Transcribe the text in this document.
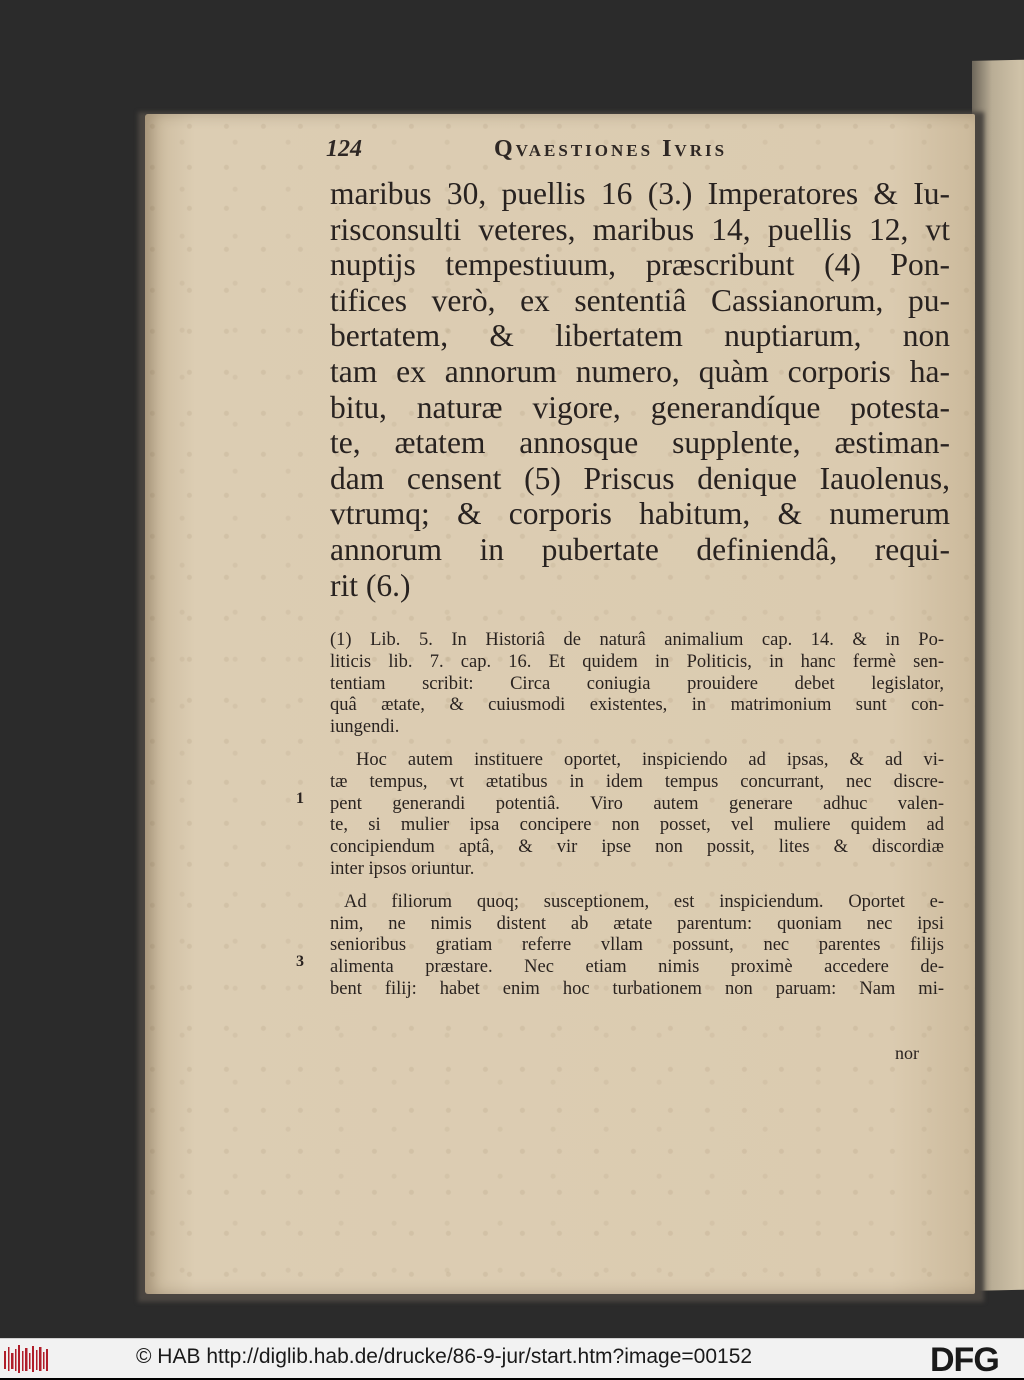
124	Qvaestiones Ivris
maribus 30, puellis 16 (3.) Imperatores & Iu-
risconsulti veteres, maribus 14, puellis 12, vt
nuptijs tempestiuum, præscribunt (4) Pon-
tifices verò, ex sententiâ Cassianorum, pu-
bertatem, & libertatem nuptiarum, non
tam ex annorum numero, quàm corporis ha-
bitu, naturæ vigore, generandíque potesta-
te, ætatem annosque supplente, æstiman-
dam censent (5) Priscus denique Iauolenus,
vtrumq; & corporis habitum, & numerum
annorum in pubertate definiendâ, requi-
rit (6.)
(1) Lib. 5. In Historiâ de naturâ animalium cap. 14. & in Po-
liticis lib. 7. cap. 16. Et quidem in Politicis, in hanc fermè sen-
tentiam scribit: Circa coniugia prouidere debet legislator,
quâ ætate, & cuiusmodi existentes, in matrimonium sunt con-
iungendi.
Hoc autem instituere oportet, inspiciendo ad ipsas, & ad vi-
tæ tempus, vt ætatibus in idem tempus concurrant, nec discre-
pent generandi potentiâ. Viro autem generare adhuc valen-
te, si mulier ipsa concipere non posset, vel muliere quidem ad
concipiendum aptâ, & vir ipse non possit, lites & discordiæ
inter ipsos oriuntur.
Ad filiorum quoq; susceptionem, est inspiciendum. Oportet e-
nim, ne nimis distent ab ætate parentum: quoniam nec ipsi
senioribus gratiam referre vllam possunt, nec parentes filijs
alimenta præstare. Nec etiam nimis proximè accedere de-
bent filij: habet enim hoc turbationem non paruam: Nam mi-
1
3
nor
© HAB http://diglib.hab.de/drucke/86-9-jur/start.htm?image=00152	DFG
